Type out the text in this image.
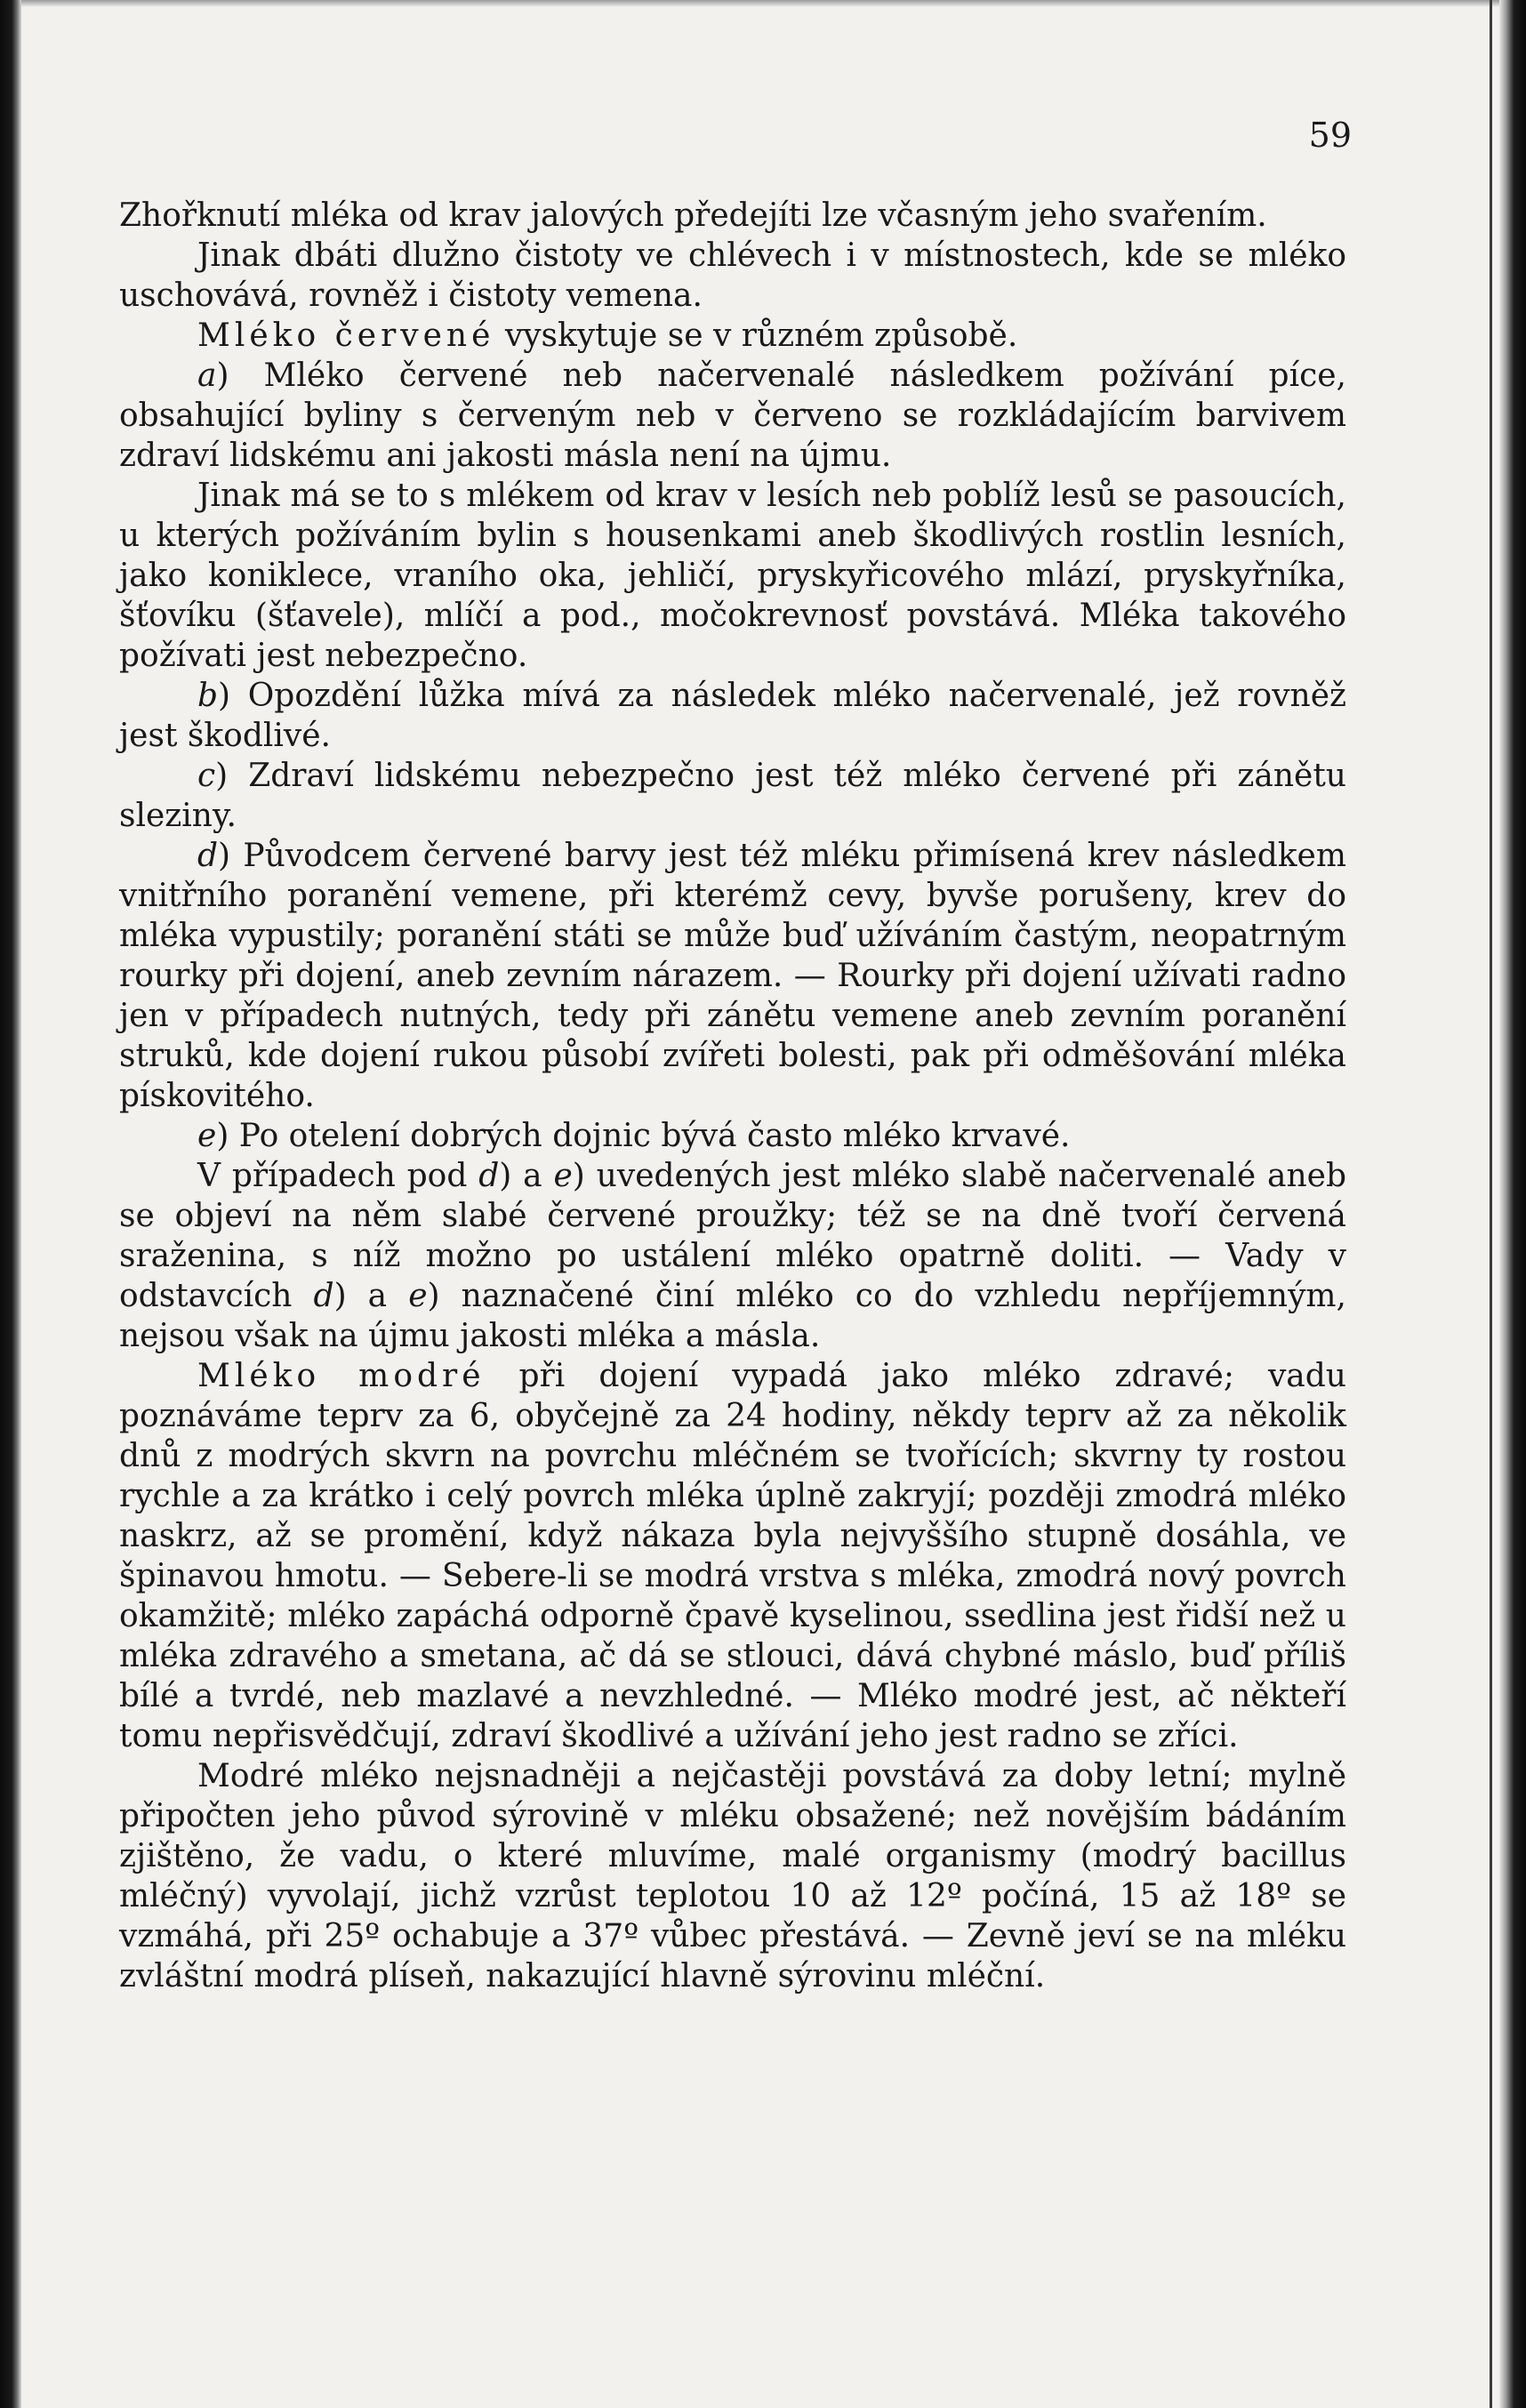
59

Zhořknutí mléka od krav jalových předejíti lze včasným jeho svařením.

Jinak dbáti dlužno čistoty ve chlévech i v místnostech, kde se mléko uschovává, rovněž i čistoty vemena.

Mléko červené vyskytuje se v různém způsobě.

a) Mléko červené neb načervenalé následkem požívání píce, obsahující byliny s červeným neb v červeno se rozkládajícím barvivem zdraví lidskému ani jakosti másla není na újmu.

Jinak má se to s mlékem od krav v lesích neb poblíž lesů se pasoucích, u kterých požíváním bylin s housenkami aneb škodlivých rostlin lesních, jako koniklece, vraního oka, jehličí, pryskyřicového mlází, pryskyřníka, šťovíku (šťavele), mlíčí a pod., močokrevnosť povstává. Mléka takového požívati jest nebezpečno.

b) Opozdění lůžka mívá za následek mléko načervenalé, jež rovněž jest škodlivé.

c) Zdraví lidskému nebezpečno jest též mléko červené při zánětu sleziny.

d) Původcem červené barvy jest též mléku přimísená krev následkem vnitřního poranění vemene, při kterémž cevy, byvše porušeny, krev do mléka vypustily; poranění státi se může buď užíváním častým, neopatrným rourky při dojení, aneb zevním nárazem. — Rourky při dojení užívati radno jen v případech nutných, tedy při zánětu vemene aneb zevním poranění struků, kde dojení rukou působí zvířeti bolesti, pak při odměšování mléka pískovitého.

e) Po otelení dobrých dojnic bývá často mléko krvavé.

V případech pod d) a e) uvedených jest mléko slabě načervenalé aneb se objeví na něm slabé červené proužky; též se na dně tvoří červená sraženina, s níž možno po ustálení mléko opatrně doliti. — Vady v odstavcích d) a e) naznačené činí mléko co do vzhledu nepříjemným, nejsou však na újmu jakosti mléka a másla.

Mléko modré při dojení vypadá jako mléko zdravé; vadu poznáváme teprv za 6, obyčejně za 24 hodiny, někdy teprv až za několik dnů z modrých skvrn na povrchu mléčném se tvořících; skvrny ty rostou rychle a za krátko i celý povrch mléka úplně zakryjí; později zmodrá mléko naskrz, až se promění, když nákaza byla nejvyššího stupně dosáhla, ve špinavou hmotu. — Sebere-li se modrá vrstva s mléka, zmodrá nový povrch okamžitě; mléko zapáchá odporně čpavě kyselinou, ssedlina jest řidší než u mléka zdravého a smetana, ač dá se stlouci, dává chybné máslo, buď příliš bílé a tvrdé, neb mazlavé a nevzhledné. — Mléko modré jest, ač někteří tomu nepřisvědčují, zdraví škodlivé a užívání jeho jest radno se zříci.

Modré mléko nejsnadněji a nejčastěji povstává za doby letní; mylně připočten jeho původ sýrovině v mléku obsažené; než novějším bádáním zjištěno, že vadu, o které mluvíme, malé organismy (modrý bacillus mléčný) vyvolají, jichž vzrůst teplotou 10 až 12º počíná, 15 až 18º se vzmáhá, při 25º ochabuje a 37º vůbec přestává. — Zevně jeví se na mléku zvláštní modrá plíseň, nakazující hlavně sýrovinu mléční.
